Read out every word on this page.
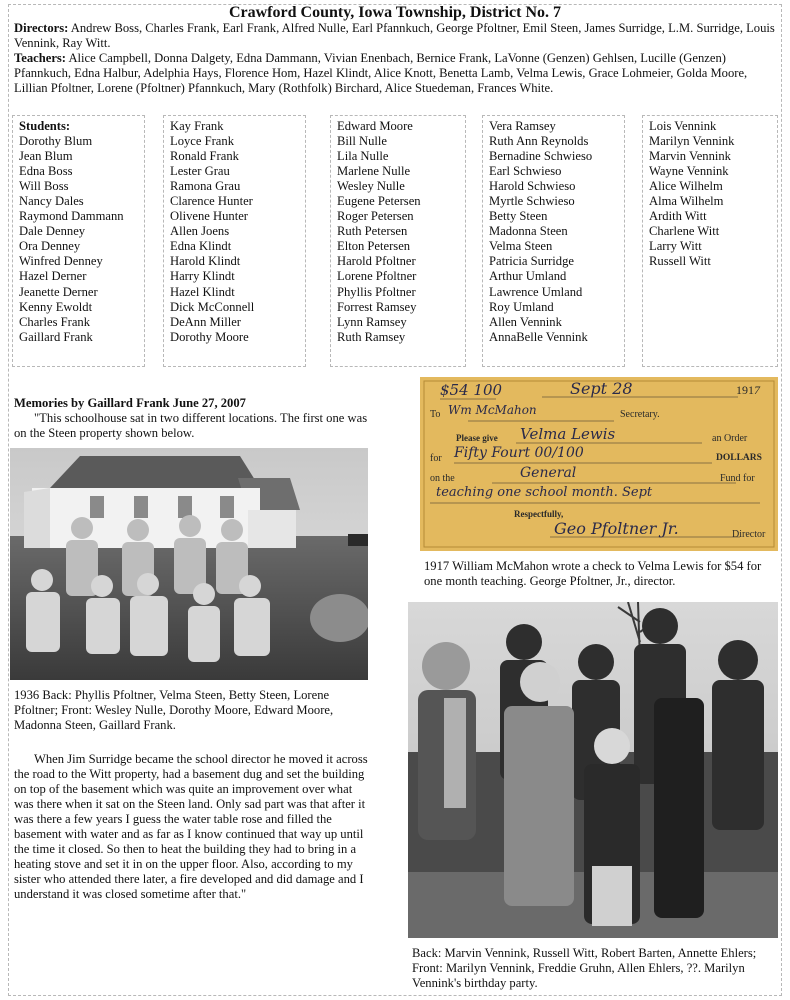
Crawford County, Iowa Township, District No. 7
Directors: Andrew Boss, Charles Frank, Earl Frank, Alfred Nulle, Earl Pfannkuch, George Pfoltner, Emil Steen, James Surridge, L.M. Surridge, Louis Vennink, Ray Witt.
Teachers: Alice Campbell, Donna Dalgety, Edna Dammann, Vivian Enenbach, Bernice Frank, LaVonne (Genzen) Gehlsen, Lucille (Genzen) Pfannkuch, Edna Halbur, Adelphia Hays, Florence Hom, Hazel Klindt, Alice Knott, Benetta Lamb, Velma Lewis, Grace Lohmeier, Golda Moore, Lillian Pfoltner, Lorene (Pfoltner) Pfannkuch, Mary (Rothfolk) Birchard, Alice Stuedeman, Frances White.
Students:
Dorothy Blum
Jean Blum
Edna Boss
Will Boss
Nancy Dales
Raymond Dammann
Dale Denney
Ora Denney
Winfred Denney
Hazel Derner
Jeanette Derner
Kenny Ewoldt
Charles Frank
Gaillard Frank
Kay Frank
Loyce Frank
Ronald Frank
Lester Grau
Ramona Grau
Clarence Hunter
Olivene Hunter
Allen Joens
Edna Klindt
Harold Klindt
Harry Klindt
Hazel Klindt
Dick McConnell
DeAnn Miller
Dorothy Moore
Edward Moore
Bill Nulle
Lila Nulle
Marlene Nulle
Wesley Nulle
Eugene Petersen
Roger Petersen
Ruth Petersen
Elton Petersen
Harold Pfoltner
Lorene Pfoltner
Phyllis Pfoltner
Forrest Ramsey
Lynn Ramsey
Ruth Ramsey
Vera Ramsey
Ruth Ann Reynolds
Bernadine Schwieso
Earl Schwieso
Harold Schwieso
Myrtle Schwieso
Betty Steen
Madonna Steen
Velma Steen
Patricia Surridge
Arthur Umland
Lawrence Umland
Roy Umland
Allen Vennink
AnnaBelle Vennink
Lois Vennink
Marilyn Vennink
Marvin Vennink
Wayne Vennink
Alice Wilhelm
Alma Wilhelm
Ardith Witt
Charlene Witt
Larry Witt
Russell Witt
Memories by Gaillard Frank June 27, 2007
"This schoolhouse sat in two different locations. The first one was on the Steen property shown below.
1936 Back: Phyllis Pfoltner, Velma Steen, Betty Steen, Lorene Pfoltner; Front: Wesley Nulle, Dorothy Moore, Edward Moore, Madonna Steen, Gaillard Frank.
When Jim Surridge became the school director he moved it across the road to the Witt property, had a basement dug and set the building on top of the basement which was quite an improvement over what was there when it sat on the Steen land. Only sad part was that after it was there a few years I guess the water table rose and filled the basement with water and as far as I know continued that way up until the time it closed. So then to heat the building they had to bring in a heating stove and set it in on the upper floor. Also, according to my sister who attended there later, a fire developed and did damage and I understand it was closed sometime after that."
$54 100	Sept 28	1917
To Wm McMahon	Secretary.
Please give Velma Lewis	an Order
for Fifty Fourt 00/100	DOLLARS
on the	General	Fund for
teaching one school month. Sept
Respectfully,
Geo Pfoltner Jr.	Director
1917 William McMahon wrote a check to Velma Lewis for $54 for one month teaching. George Pfoltner, Jr., director.
Back: Marvin Vennink, Russell Witt, Robert Barten, Annette Ehlers; Front: Marilyn Vennink, Freddie Gruhn, Allen Ehlers, ??. Marilyn Vennink's birthday party.
